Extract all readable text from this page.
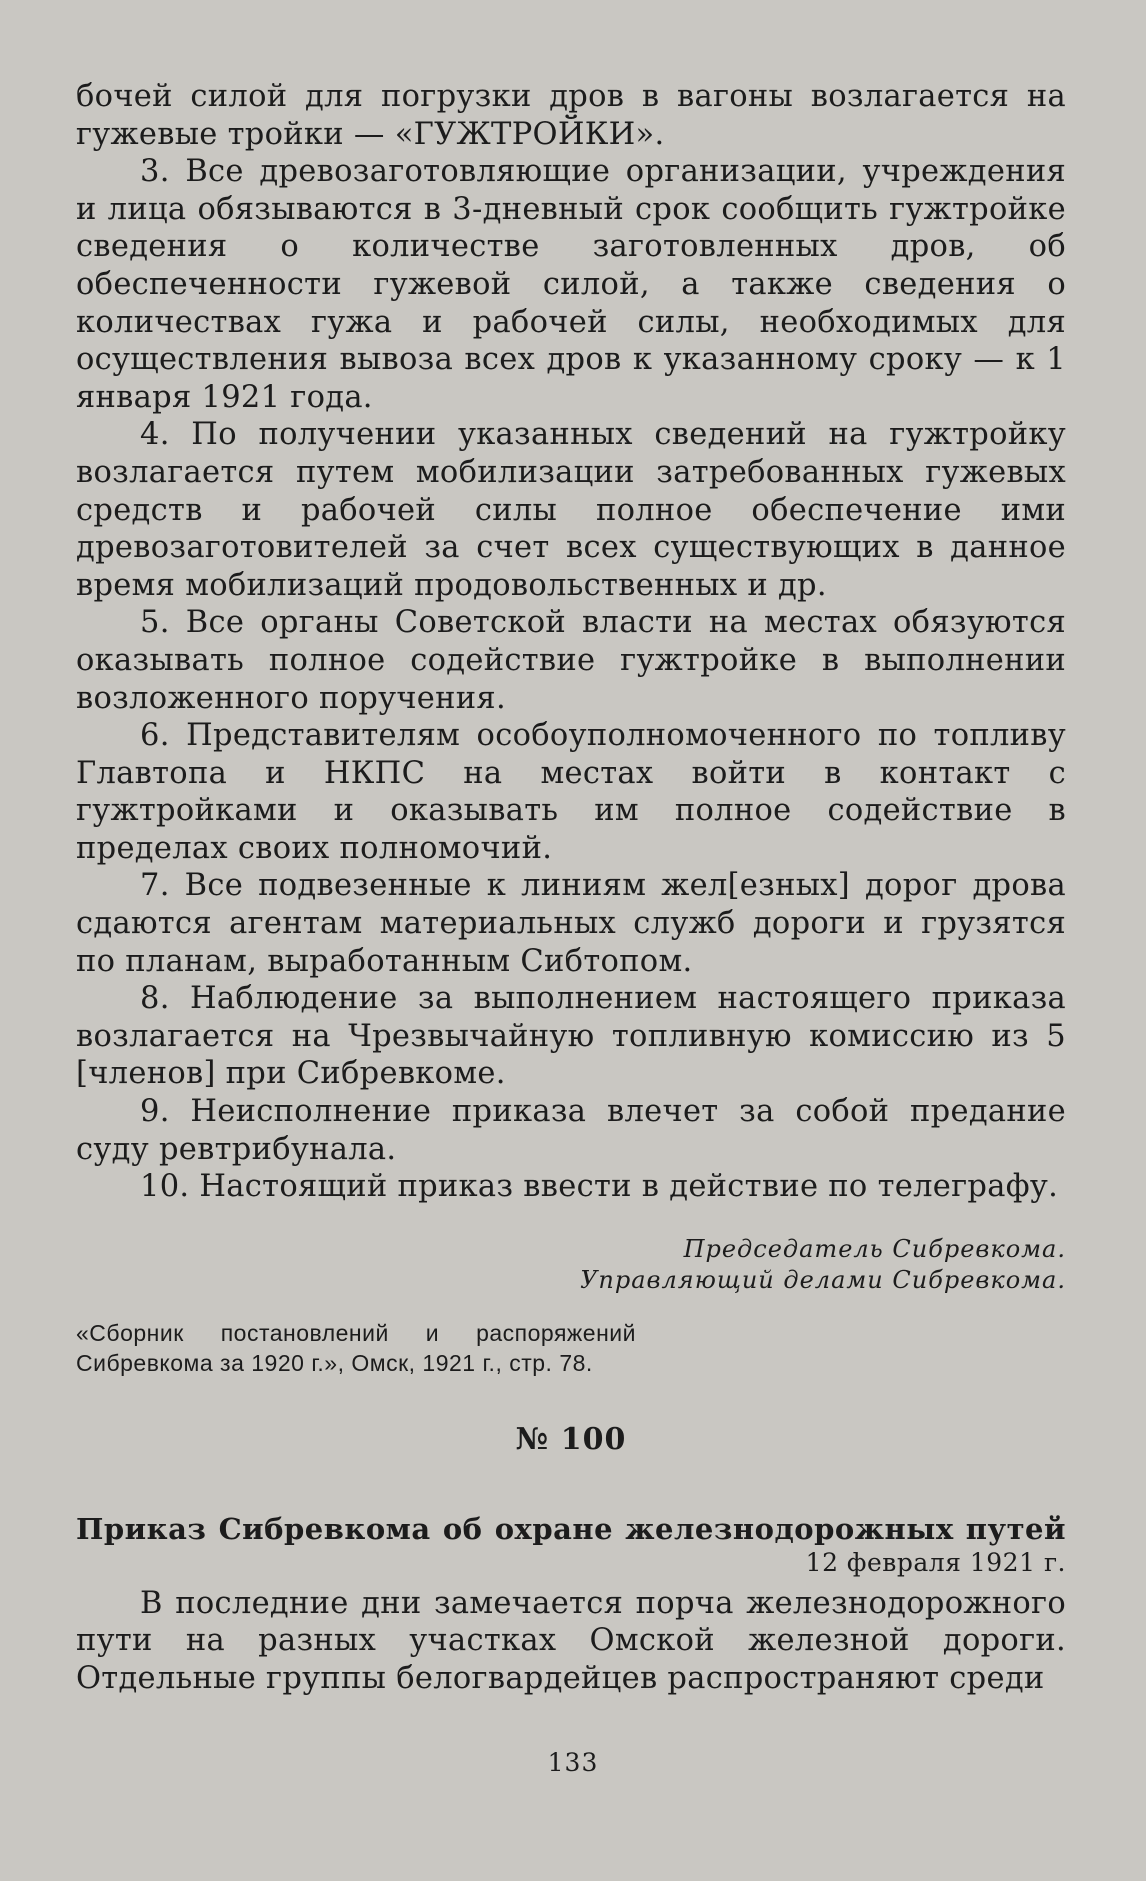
бочей силой для погрузки дров в вагоны возлагается на гужевые тройки — «ГУЖТРОЙКИ».

3. Все древозаготовляющие организации, учреждения и лица обязываются в 3-дневный срок сообщить гужтройке сведения о количестве заготовленных дров, об обеспеченности гужевой силой, а также сведения о количествах гужа и рабочей силы, необходимых для осуществления вывоза всех дров к указанному сроку — к 1 января 1921 года.

4. По получении указанных сведений на гужтройку возлагается путем мобилизации затребованных гужевых средств и рабочей силы полное обеспечение ими древозаготовителей за счет всех существующих в данное время мобилизаций продовольственных и др.

5. Все органы Советской власти на местах обязуются оказывать полное содействие гужтройке в выполнении возложенного поручения.

6. Представителям особоуполномоченного по топливу Главтопа и НКПС на местах войти в контакт с гужтройками и оказывать им полное содействие в пределах своих полномочий.

7. Все подвезенные к линиям жел[езных] дорог дрова сдаются агентам материальных служб дороги и грузятся по планам, выработанным Сибтопом.

8. Наблюдение за выполнением настоящего приказа возлагается на Чрезвычайную топливную комиссию из 5 [членов] при Сибревкоме.

9. Неисполнение приказа влечет за собой предание суду ревтрибунала.

10. Настоящий приказ ввести в действие по телеграфу.

Председатель Сибревкома.
Управляющий делами Сибревкома.
«Сборник постановлений и распоряжений Сибревкома за 1920 г.», Омск, 1921 г., стр. 78.
№ 100
Приказ Сибревкома об охране железнодорожных путей
12 февраля 1921 г.

В последние дни замечается порча железнодорожного пути на разных участках Омской железной дороги. Отдельные группы белогвардейцев распространяют среди

133
